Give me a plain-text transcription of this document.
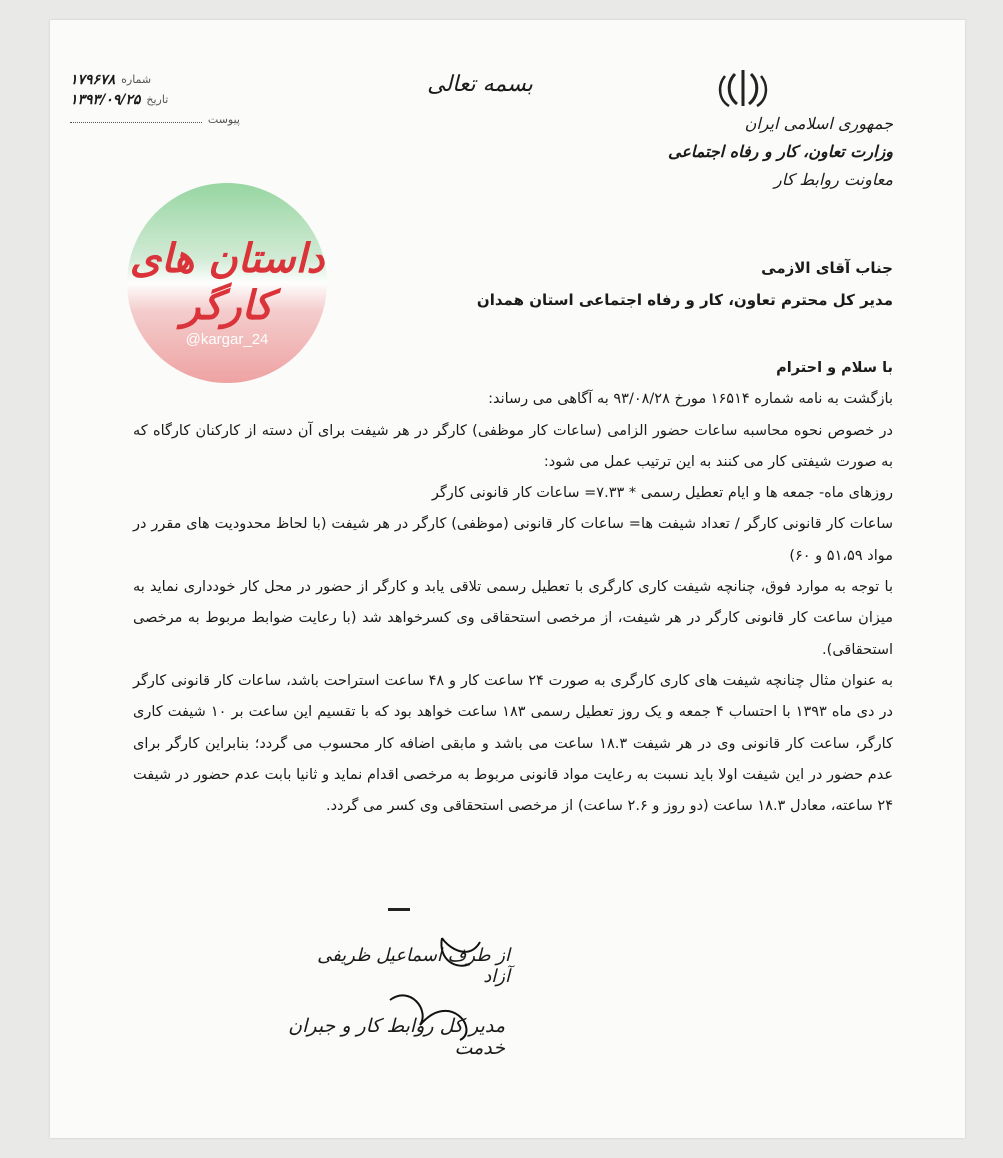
شماره
۱۷۹۶۷۸
تاریخ
۱۳۹۳/۰۹/۲۵
پیوست
بسمه تعالی
جمهوری اسلامی ایران
وزارت تعاون، کار و رفاه اجتماعی
معاونت روابط کار
جناب آقای الازمی
مدیر کل محترم تعاون، کار و رفاه اجتماعی استان همدان

با سلام و احترام

بازگشت به نامه شماره ۱۶۵۱۴ مورخ ۹۳/۰۸/۲۸ به آگاهی می رساند:

در خصوص نحوه محاسبه ساعات حضور الزامی (ساعات کار موظفی) کارگر در هر شیفت برای آن دسته از کارکنان کارگاه که به صورت شیفتی کار می کنند به این ترتیب عمل می شود:

روزهای ماه- جمعه ها و ایام تعطیل رسمی * ۷.۳۳= ساعات کار قانونی کارگر

ساعات کار قانونی کارگر / تعداد شیفت ها= ساعات کار قانونی (موظفی) کارگر در هر شیفت (با لحاظ محدودیت های مقرر در مواد ۵۱،۵۹ و ۶۰)

با توجه به موارد فوق، چنانچه شیفت کاری کارگری با تعطیل رسمی تلاقی یابد و کارگر از حضور در محل کار خودداری نماید به میزان ساعت کار قانونی کارگر در هر شیفت، از مرخصی استحقاقی وی کسرخواهد شد (با رعایت ضوابط مربوط به مرخصی استحقاقی).

به عنوان مثال چنانچه شیفت های کاری کارگری به صورت ۲۴ ساعت کار و ۴۸ ساعت استراحت باشد، ساعات کار قانونی کارگر در دی ماه ۱۳۹۳ با احتساب ۴ جمعه و یک روز تعطیل رسمی ۱۸۳ ساعت خواهد بود که با تقسیم این ساعت بر ۱۰ شیفت کاری کارگر، ساعت کار قانونی وی در هر شیفت ۱۸.۳ ساعت می باشد و مابقی اضافه کار محسوب می گردد؛ بنابراین کارگر برای عدم حضور در این شیفت اولا باید نسبت به رعایت مواد قانونی مربوط به مرخصی اقدام نماید و ثانیا بابت عدم حضور در شیفت ۲۴ ساعته، معادل ۱۸.۳ ساعت (دو روز و ۲.۶ ساعت) از مرخصی استحقاقی وی کسر می گردد.

از طرف اسماعیل ظریفی آزاد
مدیر کل روابط کار و جبران خدمت
داستان های کارگر
@kargar_24
